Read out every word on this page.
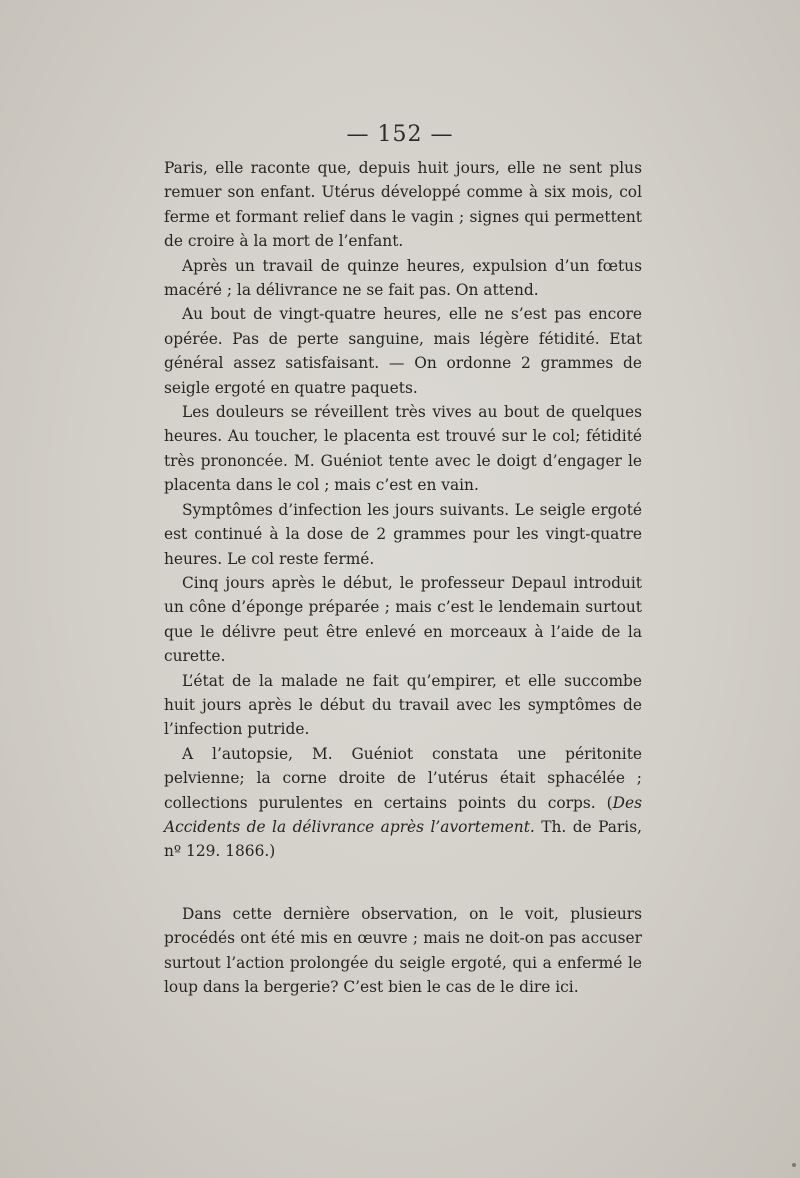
— 152 —

Paris, elle raconte que, depuis huit jours, elle ne sent plus remuer son enfant. Utérus développé comme à six mois, col ferme et formant relief dans le vagin ; signes qui permettent de croire à la mort de l’enfant.

Après un travail de quinze heures, expulsion d’un fœtus macéré ; la délivrance ne se fait pas. On attend.

Au bout de vingt-quatre heures, elle ne s’est pas encore opérée. Pas de perte sanguine, mais légère fétidité. Etat général assez satisfaisant. — On ordonne 2 grammes de seigle ergoté en quatre paquets.

Les douleurs se réveillent très vives au bout de quelques heures. Au toucher, le placenta est trouvé sur le col; fétidité très prononcée. M. Guéniot tente avec le doigt d’engager le placenta dans le col ; mais c’est en vain.

Symptômes d’infection les jours suivants. Le seigle ergoté est continué à la dose de 2 grammes pour les vingt-quatre heures. Le col reste fermé.

Cinq jours après le début, le professeur Depaul introduit un cône d’éponge préparée ; mais c’est le lendemain surtout que le délivre peut être enlevé en morceaux à l’aide de la curette.

L’état de la malade ne fait qu’empirer, et elle succombe huit jours après le début du travail avec les symptômes de l’infection putride.

A l’autopsie, M. Guéniot constata une péritonite pelvienne; la corne droite de l’utérus était sphacélée ; collections purulentes en certains points du corps. (Des Accidents de la délivrance après l’avortement. Th. de Paris, nº 129. 1866.)

Dans cette dernière observation, on le voit, plusieurs procédés ont été mis en œuvre ; mais ne doit-on pas accuser surtout l’action prolongée du seigle ergoté, qui a enfermé le loup dans la bergerie? C’est bien le cas de le dire ici.
